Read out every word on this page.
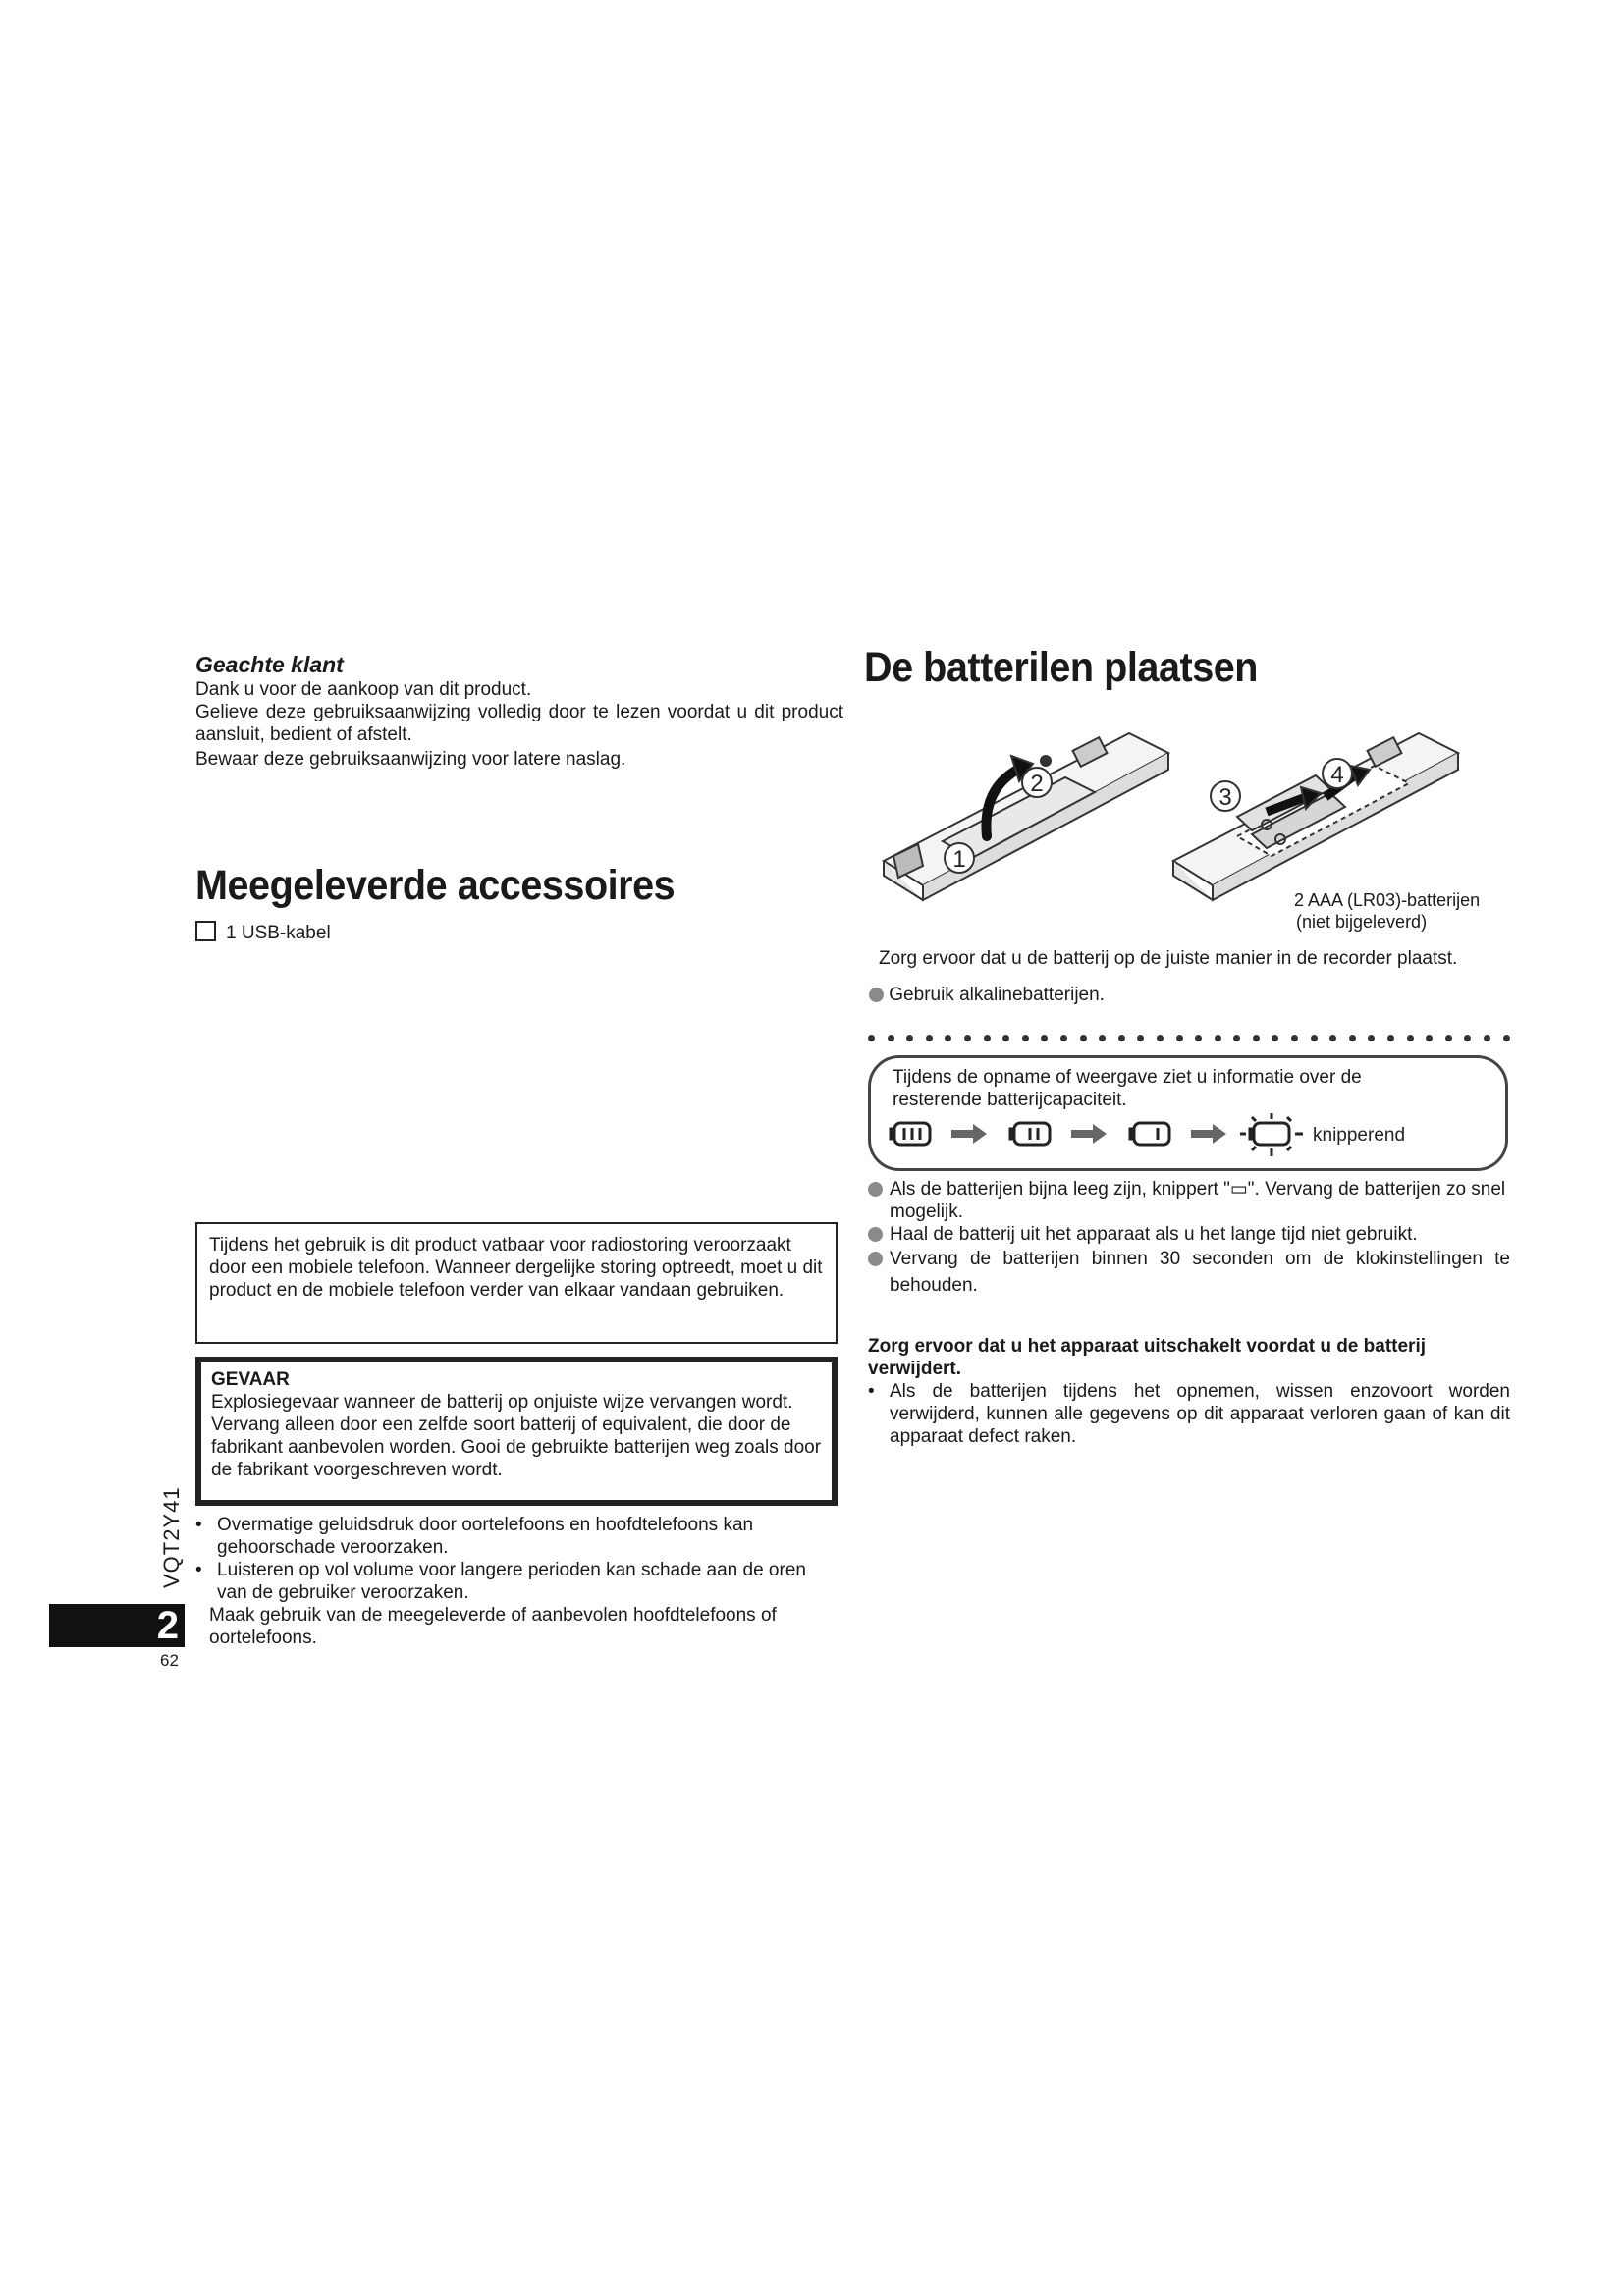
Geachte klant
Dank u voor de aankoop van dit product.
Gelieve deze gebruiksaanwijzing volledig door te lezen voordat u dit product aansluit, bedient of afstelt.
Bewaar deze gebruiksaanwijzing voor latere naslag.
Meegeleverde accessoires
1 USB-kabel
Tijdens het gebruik is dit product vatbaar voor radiostoring veroorzaakt door een mobiele telefoon. Wanneer dergelijke storing optreedt, moet u dit product en de mobiele telefoon verder van elkaar vandaan gebruiken.
GEVAAR
Explosiegevaar wanneer de batterij op onjuiste wijze vervangen wordt. Vervang alleen door een zelfde soort batterij of equivalent, die door de fabrikant aanbevolen worden. Gooi de gebruikte batterijen weg zoals door de fabrikant voorgeschreven wordt.
• Overmatige geluidsdruk door oortelefoons en hoofdtelefoons kan gehoorschade veroorzaken.
• Luisteren op vol volume voor langere perioden kan schade aan de oren van de gebruiker veroorzaken.
Maak gebruik van de meegeleverde of aanbevolen hoofdtelefoons of oortelefoons.
VQT2Y41
2
62
De batterilen plaatsen
1
2
3
4
2 AAA (LR03)-batterijen
(niet bijgeleverd)
Zorg ervoor dat u de batterij op de juiste manier in de recorder plaatst.
Gebruik alkalinebatterijen.
Tijdens de opname of weergave ziet u informatie over de resterende batterijcapaciteit.
knipperend
Als de batterijen bijna leeg zijn, knippert "▭". Vervang de batterijen zo snel mogelijk.
Haal de batterij uit het apparaat als u het lange tijd niet gebruikt.
Vervang de batterijen binnen 30 seconden om de klokinstellingen te behouden.
Zorg ervoor dat u het apparaat uitschakelt voordat u de batterij verwijdert.
• Als de batterijen tijdens het opnemen, wissen enzovoort worden verwijderd, kunnen alle gegevens op dit apparaat verloren gaan of kan dit apparaat defect raken.
